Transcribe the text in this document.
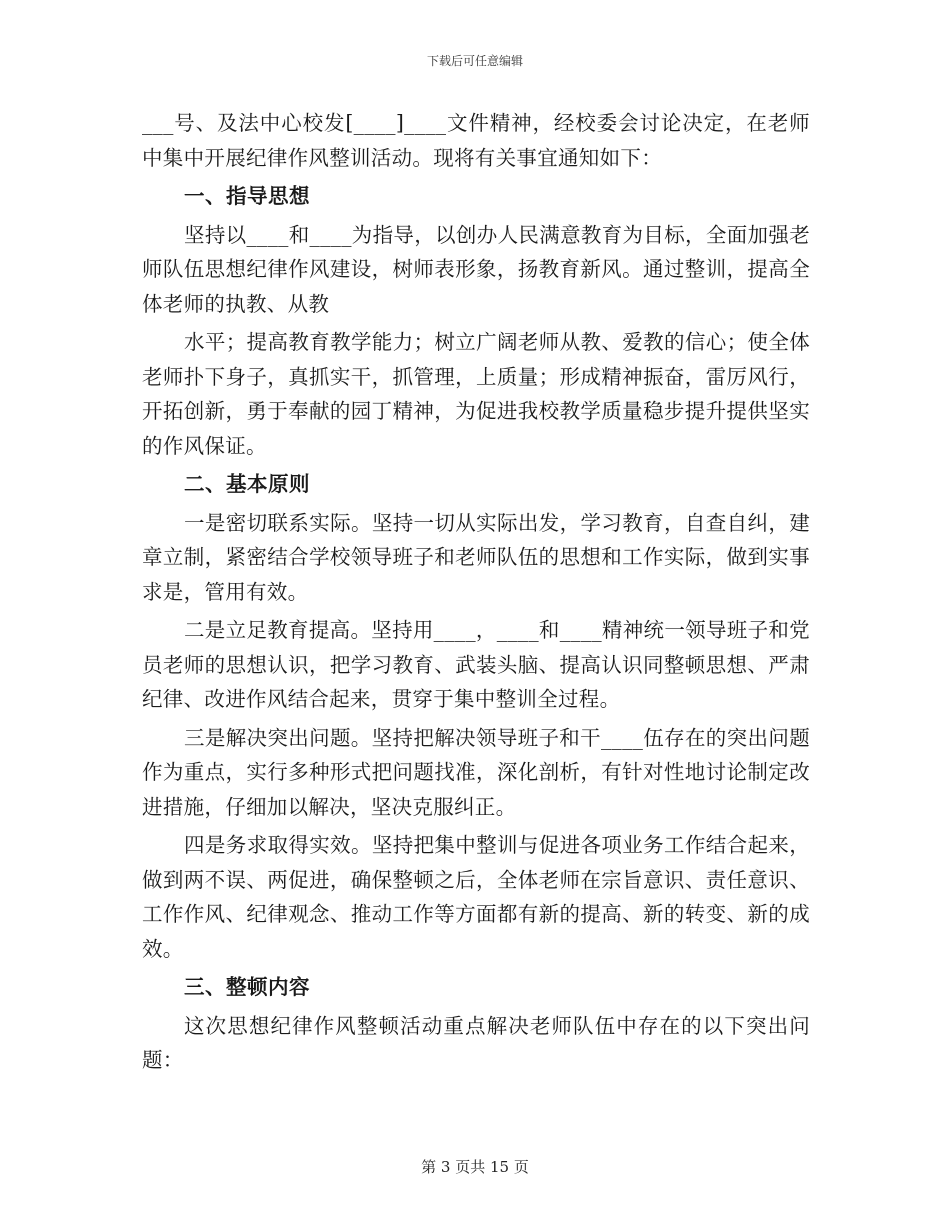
下载后可任意编辑

___号、及法中心校发[____]____文件精神，经校委会讨论决定，在老师中集中开展纪律作风整训活动。现将有关事宜通知如下：

一、指导思想

坚持以____和____为指导，以创办人民满意教育为目标，全面加强老师队伍思想纪律作风建设，树师表形象，扬教育新风。通过整训，提高全体老师的执教、从教

水平；提高教育教学能力；树立广阔老师从教、爱教的信心；使全体老师扑下身子，真抓实干，抓管理，上质量；形成精神振奋，雷厉风行，开拓创新，勇于奉献的园丁精神，为促进我校教学质量稳步提升提供坚实的作风保证。

二、基本原则

一是密切联系实际。坚持一切从实际出发，学习教育，自查自纠，建章立制，紧密结合学校领导班子和老师队伍的思想和工作实际，做到实事求是，管用有效。

二是立足教育提高。坚持用____，____和____精神统一领导班子和党员老师的思想认识，把学习教育、武装头脑、提高认识同整顿思想、严肃纪律、改进作风结合起来，贯穿于集中整训全过程。

三是解决突出问题。坚持把解决领导班子和干____伍存在的突出问题作为重点，实行多种形式把问题找准，深化剖析，有针对性地讨论制定改进措施，仔细加以解决，坚决克服纠正。

四是务求取得实效。坚持把集中整训与促进各项业务工作结合起来，做到两不误、两促进，确保整顿之后，全体老师在宗旨意识、责任意识、工作作风、纪律观念、推动工作等方面都有新的提高、新的转变、新的成效。

三、整顿内容

这次思想纪律作风整顿活动重点解决老师队伍中存在的以下突出问题：

第 3 页共 15 页
